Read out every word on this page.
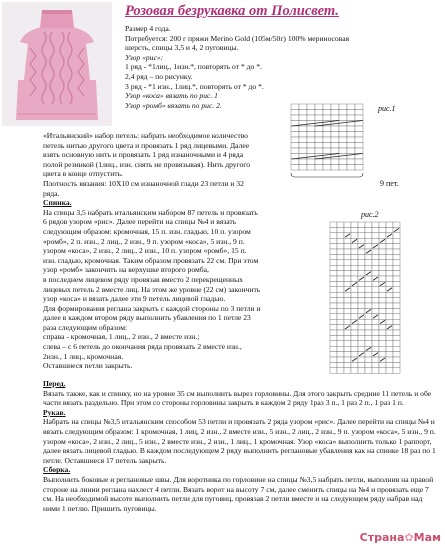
Розовая безрукавка от Полисвет.

Размер 4 года.

Потребуется: 200 г пряжи Merino Gold (105м/50г) 100% мериносовая

шерсть, спицы 3,5 и 4, 2 пуговицы.

Узор «рис»:

1 ряд - *1лиц., 1изн.*, повторять от * до *.

2,4 ряд – по рисунку.

3 ряд - *1 изн., 1лиц.*, повторять от * до *.

Узор «коса» вязать по рис. 1

Узор «ромб» вязать по рис. 2.

«Итальянский» набор петель: набрать необходимое количество петель нитью другого цвета и провязать 1 ряд лицевыми. Далее взять основную нить и провязать 1 ряд изнаночными и 4 ряда полой резинкой (1лиц., изн. снять не провязывая). Нить другого цвета в конце отпустить.

Плотность вязания: 10Х10 см изнаночной глади 23 петли и 32 ряда.

Спинка.

На спицы 3,5 набрать итальянским набором 87 петель и провязать 6 рядов узором «рис». Далее перейти на спицы №4 и вязать следующим образом: кромочная, 15 п. изн. гладью, 10 п. узором «ромб», 2 п. изн., 2 лиц., 2 изн., 9 п. узором «коса», 5 изн., 9 п. узором «коса», 2 изн., 2 лиц., 2 изн., 10 п. узором «ромб», 15 п. изн. гладью, кромочная. Таким образом провязать 22 см. При этом узор «ромб» закончить на верхушке второго ромба,

в последнем лицевом ряду провязав вместо 2 перекрещенных лицевых петель 2 вместе лиц. На этом же уровне (22 см) закончить узор «коса» и вязать далее эти 9 петель лицевой гладью.

Для формирования реглана закрыть с каждой стороны по 3 петли и далее в каждом втором ряду выполнить убавления по 1 петле 23 раза следующим образом:

справа - кромочная, 1 лиц., 2 изн., 2 вместе изн.;

слева – с 6 петель до окончания ряда провязать 2 вместе изн., 2изн., 1 лиц., кромочная.

Оставшиеся петли закрыть.

Перед.

Вязать также, как и спинку, но на уровне 35 см выполнить вырез горловины. Для этого закрыть средние 11 петель и обе части вязать раздельно. При этом со стороны горловины закрыть в каждом 2 ряду 1раз 3 п., 1 раз 2 п., 1 раз 1 п.

Рукав.

Набрать на спицы №3,5 итальянским способом 53 петли и провязать 2 ряда узором «рис». Далее перейти на спицы №4 и вязать следующим образом: 1 кромочная, 1 лиц, 2 изн., 2 вместе изн., 5 изн., 2 лиц., 2 изн., 9 п. узором «коса», 5 изн., 9 п. узором «коса», 2 изн., 2 лиц., 5 изн., 2 вместе изн., 2 изн., 1 лиц., 1 кромочная. Узор «коса» выполнить только 1 раппорт, далее вязать лицевой гладью. В каждом последующем 2 ряду выполнить реглановые убавления как на спинке 18 раз по 1 петле. Оставшиеся 17 петель закрыть.

Сборка.

Выполнить боковые и реглановые швы. Для воротника по горловине на спицы №3,5 набрать петли, выполнив на правой стороне на линии реглана нахлест 4 петли. Вязать ворот на высоту 7 см, далее сменить спицы на №4 и провязать еще 7 см. На необходимой высоте выполнить петли для пуговиц, провязав 2 петли вместе и на следующем ряду набрав над ними 1 петлю. Пришить пуговицы.

рис.1
9 пет.
рис.2
Страна✿Мам
